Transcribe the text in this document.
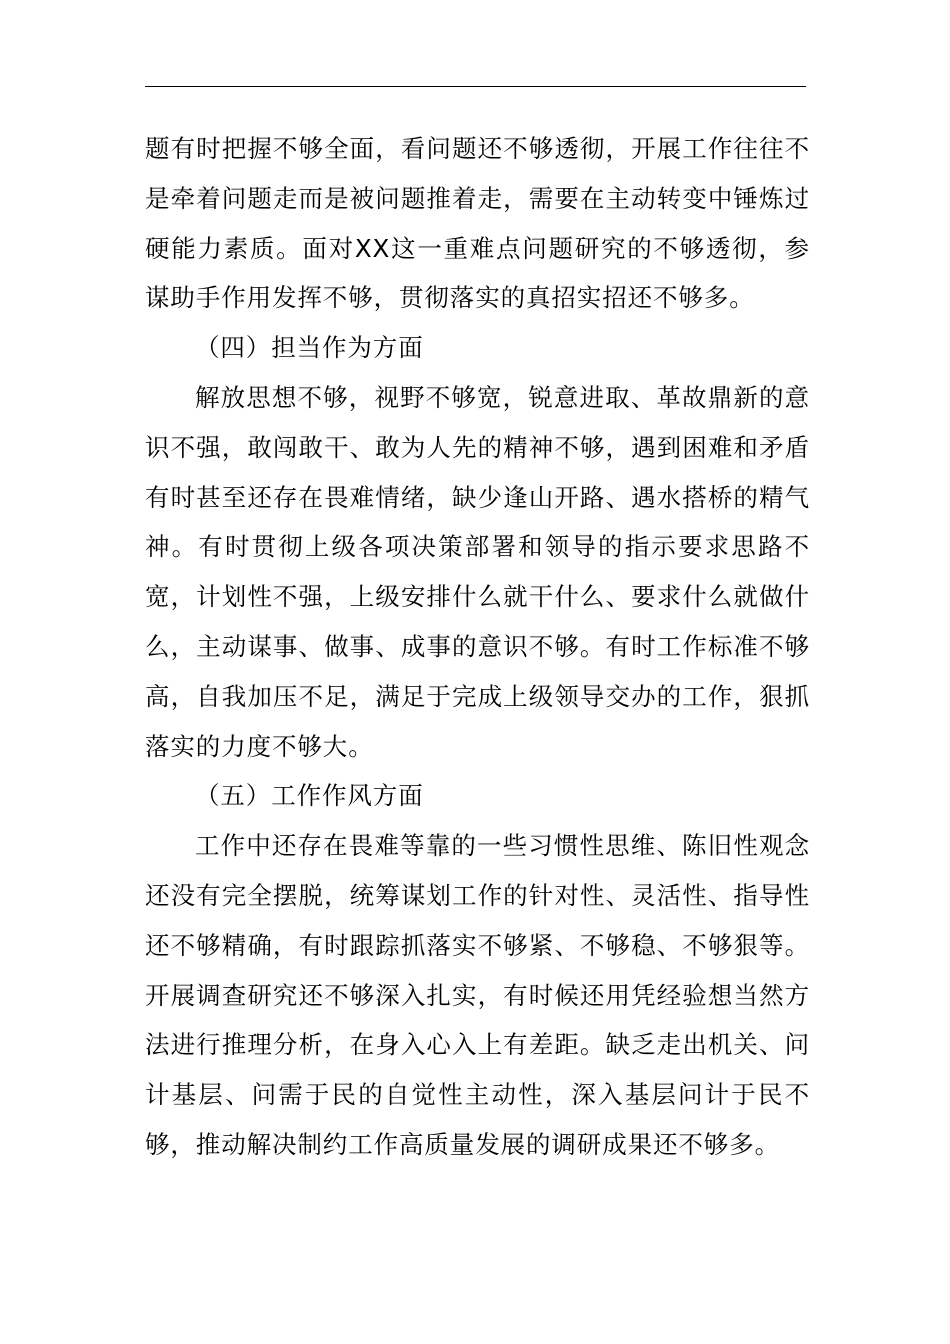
题有时把握不够全面，看问题还不够透彻，开展工作往往不是牵着问题走而是被问题推着走，需要在主动转变中锤炼过硬能力素质。面对XX这一重难点问题研究的不够透彻，参谋助手作用发挥不够，贯彻落实的真招实招还不够多。

（四）担当作为方面

解放思想不够，视野不够宽，锐意进取、革故鼎新的意识不强，敢闯敢干、敢为人先的精神不够，遇到困难和矛盾有时甚至还存在畏难情绪，缺少逢山开路、遇水搭桥的精气神。有时贯彻上级各项决策部署和领导的指示要求思路不宽，计划性不强，上级安排什么就干什么、要求什么就做什么，主动谋事、做事、成事的意识不够。有时工作标准不够高，自我加压不足，满足于完成上级领导交办的工作，狠抓落实的力度不够大。

（五）工作作风方面

工作中还存在畏难等靠的一些习惯性思维、陈旧性观念还没有完全摆脱，统筹谋划工作的针对性、灵活性、指导性还不够精确，有时跟踪抓落实不够紧、不够稳、不够狠等。开展调查研究还不够深入扎实，有时候还用凭经验想当然方法进行推理分析，在身入心入上有差距。缺乏走出机关、问计基层、问需于民的自觉性主动性，深入基层问计于民不够，推动解决制约工作高质量发展的调研成果还不够多。
